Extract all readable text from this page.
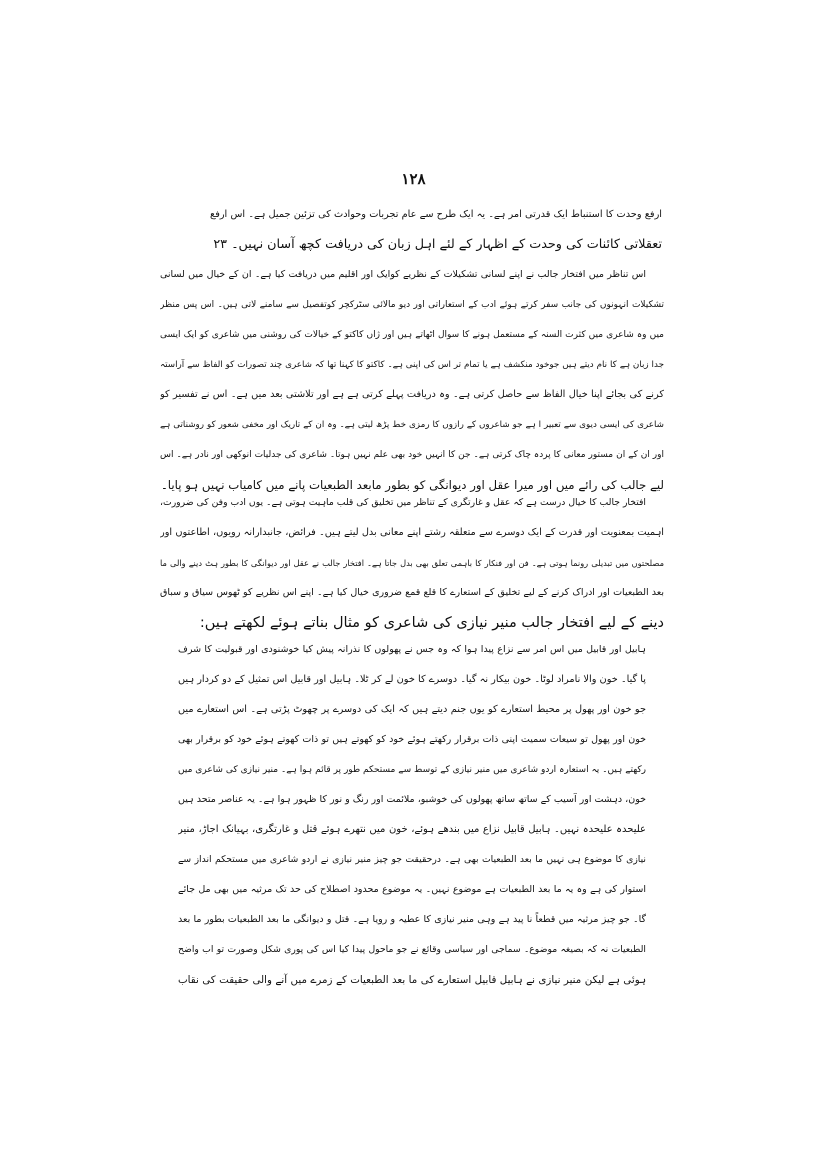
۱۲۸
ارفع وحدت کا استنباط ایک قدرتی امر ہے۔ یہ ایک طرح سے عام تجربات وحوادث کی تزئین جمیل ہے۔ اس ارفع
تعقلاتی کائنات کی وحدت کے اظہار کے لئے اہل زبان کی دریافت کچھ آسان نہیں۔ ۲۳
اس تناظر میں افتخار جالب نے اپنے لسانی تشکیلات کے نظریے کوایک اور اقلیم میں دریافت کیا ہے۔ ان کے خیال میں لسانی
تشکیلات انہونوں کی جانب سفر کرتے ہوئے ادب کے استعاراتی اور دیو مالائی سٹرکچر کوتفصیل سے سامنے لاتی ہیں۔ اس پس منظر
میں وہ شاعری میں کثرت السنہ کے مستعمل ہونے کا سوال اٹھاتے ہیں اور ژاں کاکتو کے خیالات کی روشنی میں شاعری کو ایک ایسی
جدا زبان ہے کا نام دیتے ہیں جوخود منکشف ہے یا تمام تر اس کی اپنی ہے۔ کاکتو کا کہنا تھا کہ شاعری چند تصورات کو الفاظ سے آراستہ
کرنے کی بجائے اپنا خیال الفاظ سے حاصل کرتی ہے۔ وہ دریافت پہلے کرتی ہے ہے اور تلاشتی بعد میں ہے۔ اس نے تفسیر کو
شاعری کی ایسی دیوی سے تعبیر ا ہے جو شاعروں کے رازوں کا رمزی خط پڑھ لیتی ہے۔ وہ ان کے تاریک اور مخفی شعور کو روشناتی ہے
اور ان کے ان مستور معانی کا پردہ چاک کرتی ہے۔ جن کا انہیں خود بھی علم نہیں ہوتا۔ شاعری کی جدلیات انوکھی اور نادر ہے۔ اس
لیے جالب کی رائے میں اور میرا عقل اور دیوانگی کو بطور مابعد الطبعیات پانے میں کامیاب نہیں ہو پایا۔
افتخار جالب کا خیال درست ہے کہ عقل و غارتگری کے تناظر میں تخلیق کی قلب ماہیت ہوتی ہے۔ یوں ادب وفن کی ضرورت،
اہمیت بمعنویت اور قدرت کے ایک دوسرے سے متعلقہ رشتے اپنے معانی بدل لیتے ہیں۔ فرائض، جانبدارانہ رویوں، اطاعتوں اور
مصلحتوں میں تبدیلی رونما ہوتی ہے۔ فن اور فنکار کا باہمی تعلق بھی بدل جاتا ہے۔ افتخار جالب نے عقل اور دیوانگی کا بطور ہٹ دینے والی ما
بعد الطبعیات اور ادراک کرنے کے لیے تخلیق کے استعارے کا قلع قمع ضروری خیال کیا ہے۔ اپنے اس نظریے کو ٹھوس سیاق و سباق
دینے کے لیے افتخار جالب منیر نیازی کی شاعری کو مثال بناتے ہوئے لکھتے ہیں:
ہابیل اور قابیل میں اس امر سے نزاع پیدا ہوا کہ وہ جس نے پھولوں کا نذرانہ پیش کیا خوشنودی اور قبولیت کا شرف
پا گیا۔ خون والا نامراد لوٹا۔ خون بیکار نہ گیا۔ دوسرے کا خون لے کر ٹلا۔ ہابیل اور قابیل اس تمثیل کے دو کردار ہیں
جو خون اور پھول پر محیط استعارے کو یوں جنم دیتے ہیں کہ ایک کی دوسرے پر چھوٹ پڑتی ہے۔ اس استعارے میں
خون اور پھول تو سیعات سمیت اپنی ذات برقرار رکھتے ہوئے خود کو کھوتے ہیں تو ذات کھوتے ہوئے خود کو برقرار بھی
رکھتے ہیں۔ یہ استعارہ اردو شاعری میں منیر نیازی کے توسط سے مستحکم طور پر قائم ہوا ہے۔ منیر نیازی کی شاعری میں
خون، دہشت اور آسیب کے ساتھ ساتھ پھولوں کی خوشبو، ملائمت اور رنگ و نور کا ظہور ہوا ہے۔ یہ عناصر متحد ہیں
علیحدہ علیحدہ نہیں۔ ہابیل قابیل نزاع میں بندھے ہوئے، خون میں نتھرے ہوئے قتل و غارتگری، بہیانک اجاڑ، منیر
نیازی کا موضوع ہی نہیں ما بعد الطبعیات بھی ہے۔ درحقیقت جو چیز منیر نیازی نے اردو شاعری میں مستحکم انداز سے
استوار کی ہے وہ یہ ما بعد الطبعیات ہے موضوع نہیں۔ یہ موضوع محدود اصطلاح کی حد تک مرثیہ میں بھی مل جائے
گا۔ جو چیز مرثیہ میں قطعاً نا پید ہے وہی منیر نیازی کا عطیہ و رویا ہے۔ قتل و دیوانگی ما بعد الطبعیات بطور ما بعد
الطبعیات نہ کہ بصیغہ موضوع۔ سماجی اور سیاسی وقائع نے جو ماحول پیدا کیا اس کی پوری شکل وصورت تو اب واضح
ہوئی ہے لیکن منیر نیازی نے ہابیل قابیل استعارے کی ما بعد الطبعیات کے زمرے میں آنے والی حقیقت کی نقاب
